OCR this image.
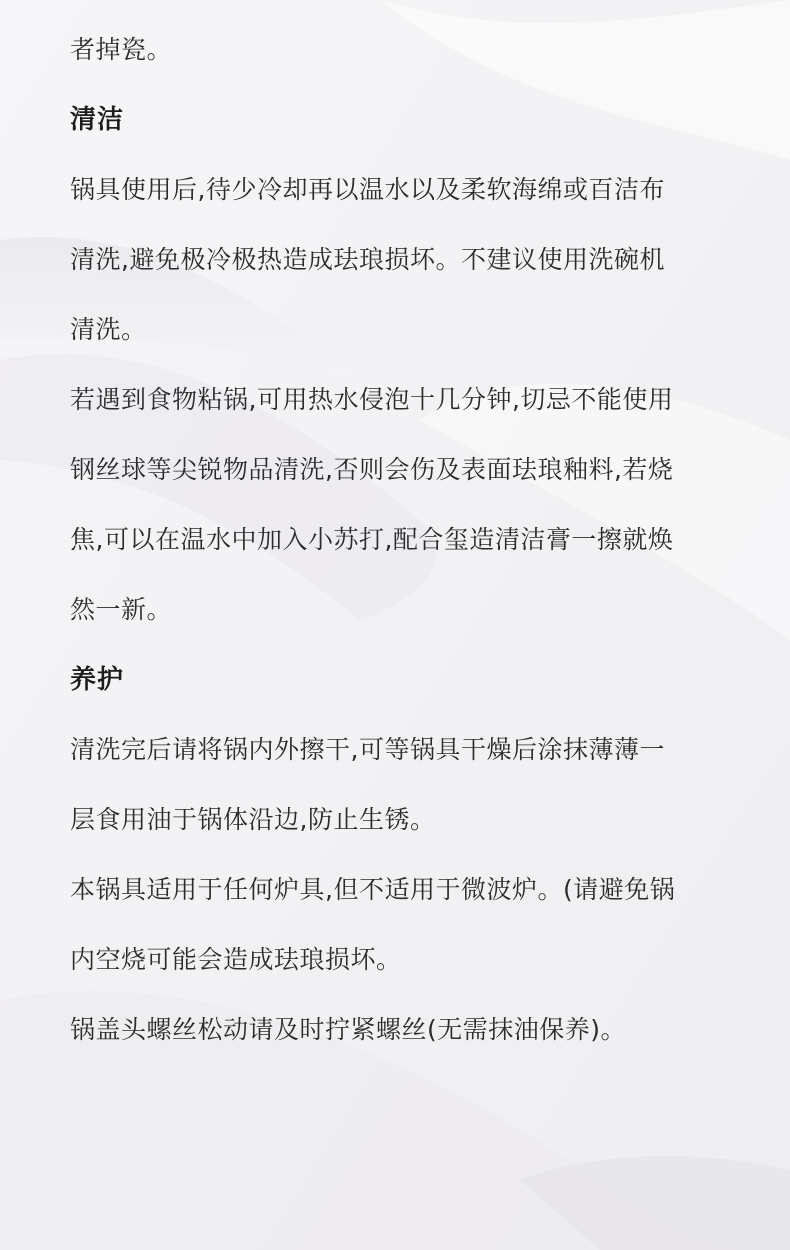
者掉瓷。
清洁
锅具使用后,待少冷却再以温水以及柔软海绵或百洁布
清洗,避免极冷极热造成珐琅损坏。不建议使用洗碗机
清洗。
若遇到食物粘锅,可用热水侵泡十几分钟,切忌不能使用
钢丝球等尖锐物品清洗,否则会伤及表面珐琅釉料,若烧
焦,可以在温水中加入小苏打,配合玺造清洁膏一擦就焕
然一新。
养护
清洗完后请将锅内外擦干,可等锅具干燥后涂抹薄薄一
层食用油于锅体沿边,防止生锈。
本锅具适用于任何炉具,但不适用于微波炉。(请避免锅
内空烧可能会造成珐琅损坏。
锅盖头螺丝松动请及时拧紧螺丝(无需抹油保养)。
